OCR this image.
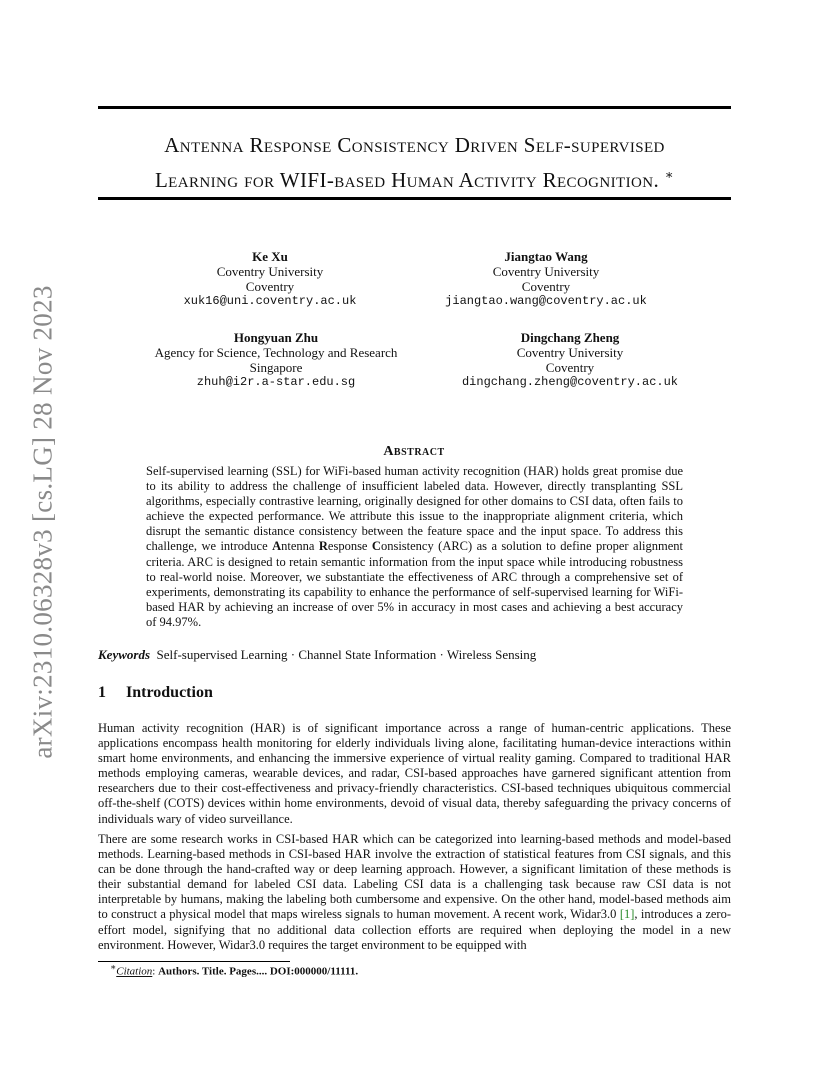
arXiv:2310.06328v3 [cs.LG] 28 Nov 2023
Antenna Response Consistency Driven Self-supervised
Learning for WIFI-based Human Activity Recognition. ∗
Ke Xu
Coventry University
Coventry
xuk16@uni.coventry.ac.uk
Jiangtao Wang
Coventry University
Coventry
jiangtao.wang@coventry.ac.uk
Hongyuan Zhu
Agency for Science, Technology and Research
Singapore
zhuh@i2r.a-star.edu.sg
Dingchang Zheng
Coventry University
Coventry
dingchang.zheng@coventry.ac.uk
Abstract
Self-supervised learning (SSL) for WiFi-based human activity recognition (HAR) holds great promise due to its ability to address the challenge of insufficient labeled data. However, directly transplanting SSL algorithms, especially contrastive learning, originally designed for other domains to CSI data, often fails to achieve the expected performance. We attribute this issue to the inappropriate alignment criteria, which disrupt the semantic distance consistency between the feature space and the input space. To address this challenge, we introduce Antenna Response Consistency (ARC) as a solution to define proper alignment criteria. ARC is designed to retain semantic information from the input space while introducing robustness to real-world noise. Moreover, we substantiate the effectiveness of ARC through a comprehensive set of experiments, demonstrating its capability to enhance the performance of self-supervised learning for WiFi-based HAR by achieving an increase of over 5% in accuracy in most cases and achieving a best accuracy of 94.97%.
Keywords Self-supervised Learning · Channel State Information · Wireless Sensing
1 Introduction
Human activity recognition (HAR) is of significant importance across a range of human-centric applications. These applications encompass health monitoring for elderly individuals living alone, facilitating human-device interactions within smart home environments, and enhancing the immersive experience of virtual reality gaming. Compared to traditional HAR methods employing cameras, wearable devices, and radar, CSI-based approaches have garnered significant attention from researchers due to their cost-effectiveness and privacy-friendly characteristics. CSI-based techniques ubiquitous commercial off-the-shelf (COTS) devices within home environments, devoid of visual data, thereby safeguarding the privacy concerns of individuals wary of video surveillance.
There are some research works in CSI-based HAR which can be categorized into learning-based methods and model-based methods. Learning-based methods in CSI-based HAR involve the extraction of statistical features from CSI signals, and this can be done through the hand-crafted way or deep learning approach. However, a significant limitation of these methods is their substantial demand for labeled CSI data. Labeling CSI data is a challenging task because raw CSI data is not interpretable by humans, making the labeling both cumbersome and expensive. On the other hand, model-based methods aim to construct a physical model that maps wireless signals to human movement. A recent work, Widar3.0 [1], introduces a zero-effort model, signifying that no additional data collection efforts are required when deploying the model in a new environment. However, Widar3.0 requires the target environment to be equipped with
∗Citation: Authors. Title. Pages.... DOI:000000/11111.
